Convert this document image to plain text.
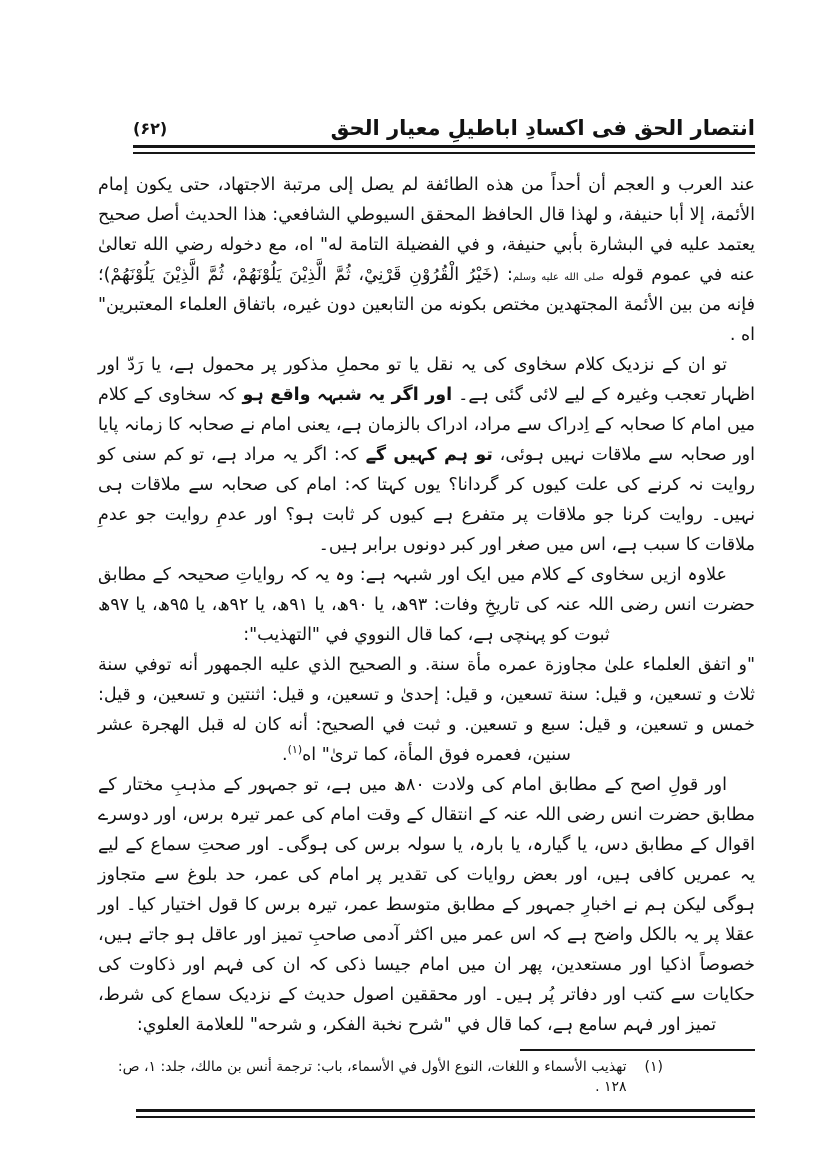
انتصار الحق فی اکسادِ اباطیلِ معیار الحق
(۶۲)

عند العرب و العجم أن أحداً من هذه الطائفة لم يصل إلى مرتبة الاجتهاد، حتى يكون إمام الأئمة، إلا أبا حنيفة، و لهذا قال الحافظ المحقق السيوطي الشافعي: هذا الحديث أصل صحيح يعتمد عليه في البشارة بأبي حنيفة، و في الفضيلة التامة له" اه، مع دخوله رضي الله تعالىٰ عنه في عموم قوله صلى الله عليه وسلم: (خَيْرُ الْقُرُوْنِ قَرْنِيْ، ثُمَّ الَّذِيْنَ يَلُوْنَهُمْ، ثُمَّ الَّذِيْنَ يَلُوْنَهُمْ)؛ فإنه من بين الأئمة المجتهدين مختص بكونه من التابعين دون غيره، باتفاق العلماء المعتبرين" اه .

تو ان کے نزدیک کلام سخاوی کی یہ نقل یا تو محملِ مذکور پر محمول ہے، یا رَدّ اور اظہار تعجب وغیرہ کے لیے لائی گئی ہے۔ اور اگر یہ شبہہ واقع ہو کہ سخاوی کے کلام میں امام کا صحابہ کے اِدراک سے مراد، ادراک بالزمان ہے، یعنی امام نے صحابہ کا زمانہ پایا اور صحابہ سے ملاقات نہیں ہوئی، تو ہم کہیں گے کہ: اگر یہ مراد ہے، تو کم سنی کو روایت نہ کرنے کی علت کیوں کر گردانا؟ یوں کہتا کہ: امام کی صحابہ سے ملاقات ہی نہیں۔ روایت کرنا جو ملاقات پر متفرع ہے کیوں کر ثابت ہو؟ اور عدمِ روایت جو عدمِ ملاقات کا سبب ہے، اس میں صغر اور کبر دونوں برابر ہیں۔

علاوہ ازیں سخاوی کے کلام میں ایک اور شبہہ ہے: وہ یہ کہ روایاتِ صحیحہ کے مطابق حضرت انس رضی اللہ عنہ کی تاریخِ وفات: ۹۳ھ، یا ۹۰ھ، یا ۹۱ھ، یا ۹۲ھ، یا ۹۵ھ، یا ۹۷ھ ثبوت کو پہنچی ہے، کما قال النووي في "التهذيب":

"و اتفق العلماء علىٰ مجاوزة عمره مأة سنة. و الصحيح الذي عليه الجمهور أنه توفي سنة ثلاث و تسعين، و قيل: سنة تسعين، و قيل: إحدىٰ و تسعين، و قيل: اثنتين و تسعين، و قيل: خمس و تسعين، و قيل: سبع و تسعين. و ثبت في الصحيح: أنه كان له قبل الهجرة عشر سنين، فعمره فوق المأة، كما ترىٰ" اه$^{(١)}$.

اور قولِ اصح کے مطابق امام کی ولادت ۸۰ھ میں ہے، تو جمہور کے مذہبِ مختار کے مطابق حضرت انس رضی اللہ عنہ کے انتقال کے وقت امام کی عمر تیرہ برس، اور دوسرے اقوال کے مطابق دس، یا گیارہ، یا بارہ، یا سولہ برس کی ہوگی۔ اور صحتِ سماع کے لیے یہ عمریں کافی ہیں، اور بعض روایات کی تقدیر پر امام کی عمر، حد بلوغ سے متجاوز ہوگی لیکن ہم نے اخبارِ جمہور کے مطابق متوسط عمر، تیرہ برس کا قول اختیار کیا۔ اور عقلا پر یہ بالکل واضح ہے کہ اس عمر میں اکثر آدمی صاحبِ تمیز اور عاقل ہو جاتے ہیں، خصوصاً اذکیا اور مستعدین، پھر ان میں امام جیسا ذکی کہ ان کی فہم اور ذکاوت کی حکایات سے کتب اور دفاتر پُر ہیں۔ اور محققین اصول حدیث کے نزدیک سماع کی شرط، تمیز اور فہم سامع ہے، کما قال في "شرح نخبة الفكر، و شرحه" للعلامة العلوي:

(١)
تهذيب الأسماء و اللغات، النوع الأول في الأسماء، باب: ترجمة أنس بن مالك، جلد: ١، ص: ١٢٨ .
